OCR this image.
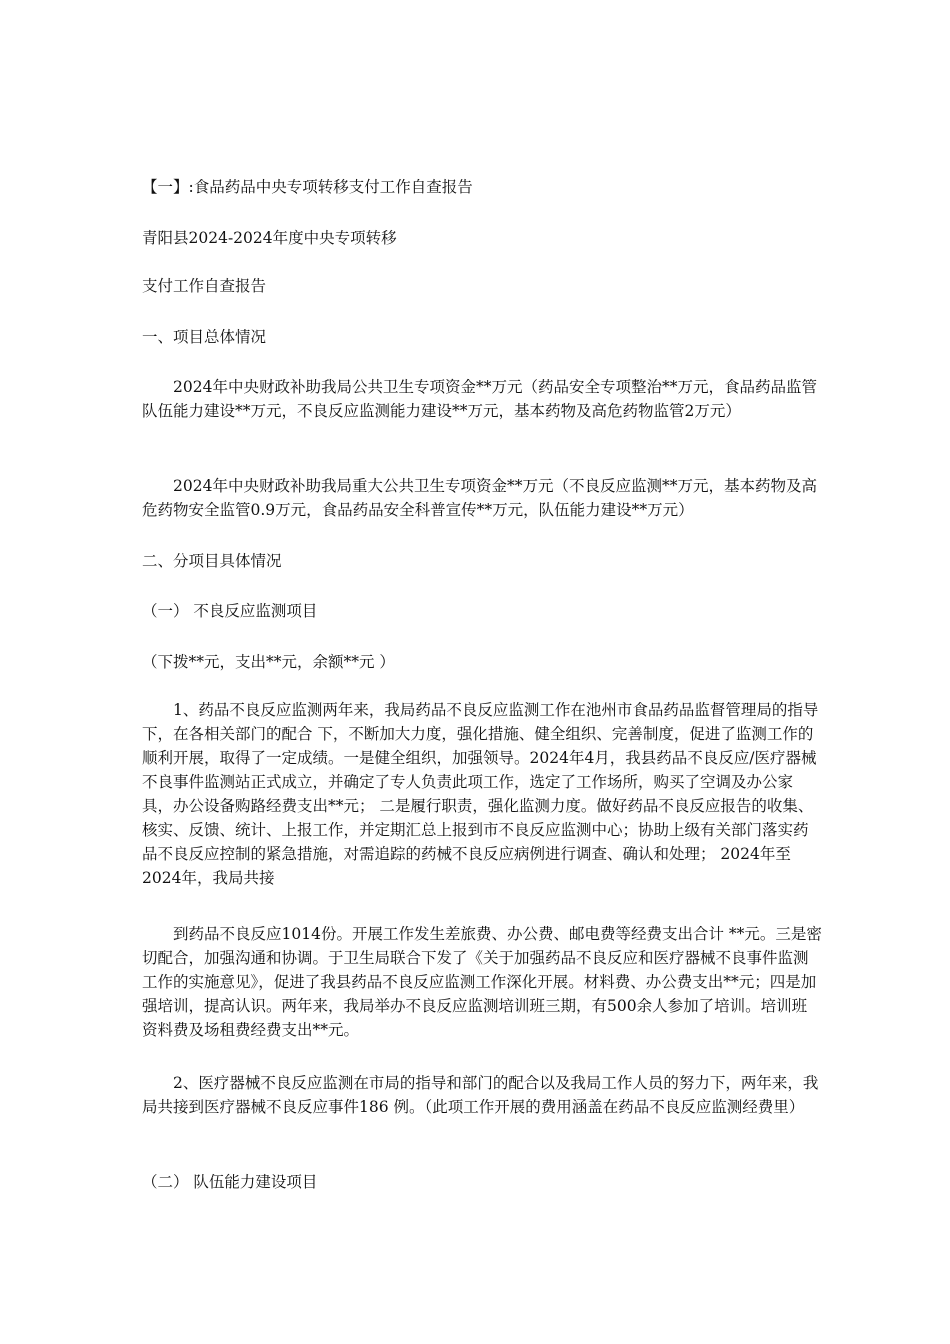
【一】:食品药品中央专项转移支付工作自查报告

青阳县2024-2024年度中央专项转移

支付工作自查报告

一、项目总体情况

2024年中央财政补助我局公共卫生专项资金**万元（药品安全专项整治**万元，食品药品监管队伍能力建设**万元，不良反应监测能力建设**万元，基本药物及高危药物监管2万元）

2024年中央财政补助我局重大公共卫生专项资金**万元（不良反应监测**万元，基本药物及高危药物安全监管0.9万元，食品药品安全科普宣传**万元，队伍能力建设**万元）

二、分项目具体情况

（一） 不良反应监测项目

（下拨**元，支出**元，余额**元 ）

1、药品不良反应监测两年来，我局药品不良反应监测工作在池州市食品药品监督管理局的指导下，在各相关部门的配合 下，不断加大力度，强化措施、健全组织、完善制度，促进了监测工作的顺利开展，取得了一定成绩。一是健全组织，加强领导。2024年4月，我县药品不良反应/医疗器械不良事件监测站正式成立，并确定了专人负责此项工作，选定了工作场所，购买了空调及办公家具，办公设备购路经费支出**元； 二是履行职责，强化监测力度。做好药品不良反应报告的收集、核实、反馈、统计、上报工作，并定期汇总上报到市不良反应监测中心；协助上级有关部门落实药品不良反应控制的紧急措施，对需追踪的药械不良反应病例进行调查、确认和处理； 2024年至2024年，我局共接

到药品不良反应1014份。开展工作发生差旅费、办公费、邮电费等经费支出合计 **元。三是密切配合，加强沟通和协调。于卫生局联合下发了《关于加强药品不良反应和医疗器械不良事件监测工作的实施意见》，促进了我县药品不良反应监测工作深化开展。材料费、办公费支出**元；四是加强培训，提高认识。两年来，我局举办不良反应监测培训班三期，有500余人参加了培训。培训班资料费及场租费经费支出**元。

2、医疗器械不良反应监测在市局的指导和部门的配合以及我局工作人员的努力下，两年来，我局共接到医疗器械不良反应事件186 例。（此项工作开展的费用涵盖在药品不良反应监测经费里）

（二） 队伍能力建设项目
